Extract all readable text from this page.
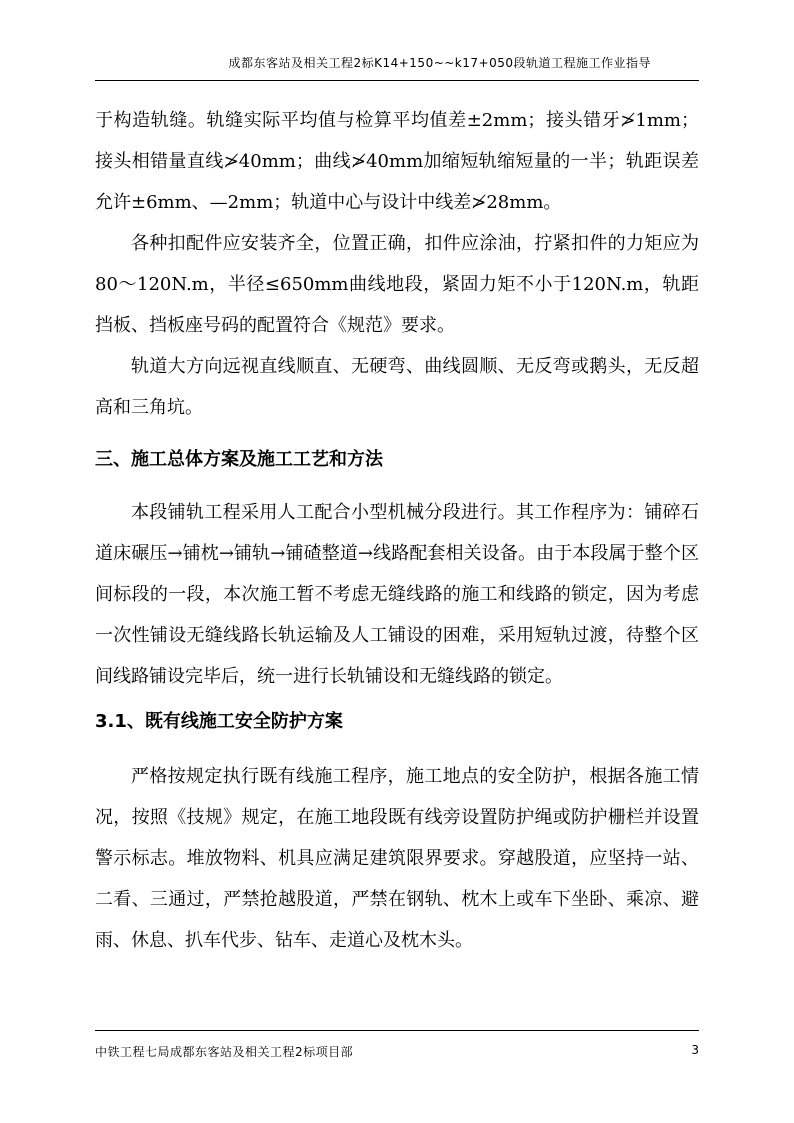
成都东客站及相关工程2标K14+150~~k17+050段轨道工程施工作业指导

于构造轨缝。轨缝实际平均值与检算平均值差±2mm；接头错牙≯1mm；接头相错量直线≯40mm；曲线≯40mm加缩短轨缩短量的一半；轨距误差允许±6mm、—2mm；轨道中心与设计中线差≯28mm。

各种扣配件应安装齐全，位置正确，扣件应涂油，拧紧扣件的力矩应为80～120N.m，半径≤650mm曲线地段，紧固力矩不小于120N.m，轨距挡板、挡板座号码的配置符合《规范》要求。

轨道大方向远视直线顺直、无硬弯、曲线圆顺、无反弯或鹅头，无反超高和三角坑。

三、施工总体方案及施工工艺和方法

本段铺轨工程采用人工配合小型机械分段进行。其工作程序为：铺碎石道床碾压→铺枕→铺轨→铺碴整道→线路配套相关设备。由于本段属于整个区间标段的一段，本次施工暂不考虑无缝线路的施工和线路的锁定，因为考虑一次性铺设无缝线路长轨运输及人工铺设的困难，采用短轨过渡，待整个区间线路铺设完毕后，统一进行长轨铺设和无缝线路的锁定。

3.1、既有线施工安全防护方案

严格按规定执行既有线施工程序，施工地点的安全防护，根据各施工情况，按照《技规》规定，在施工地段既有线旁设置防护绳或防护栅栏并设置警示标志。堆放物料、机具应满足建筑限界要求。穿越股道，应坚持一站、二看、三通过，严禁抢越股道，严禁在钢轨、枕木上或车下坐卧、乘凉、避雨、休息、扒车代步、钻车、走道心及枕木头。

中铁工程七局成都东客站及相关工程2标项目部	3
